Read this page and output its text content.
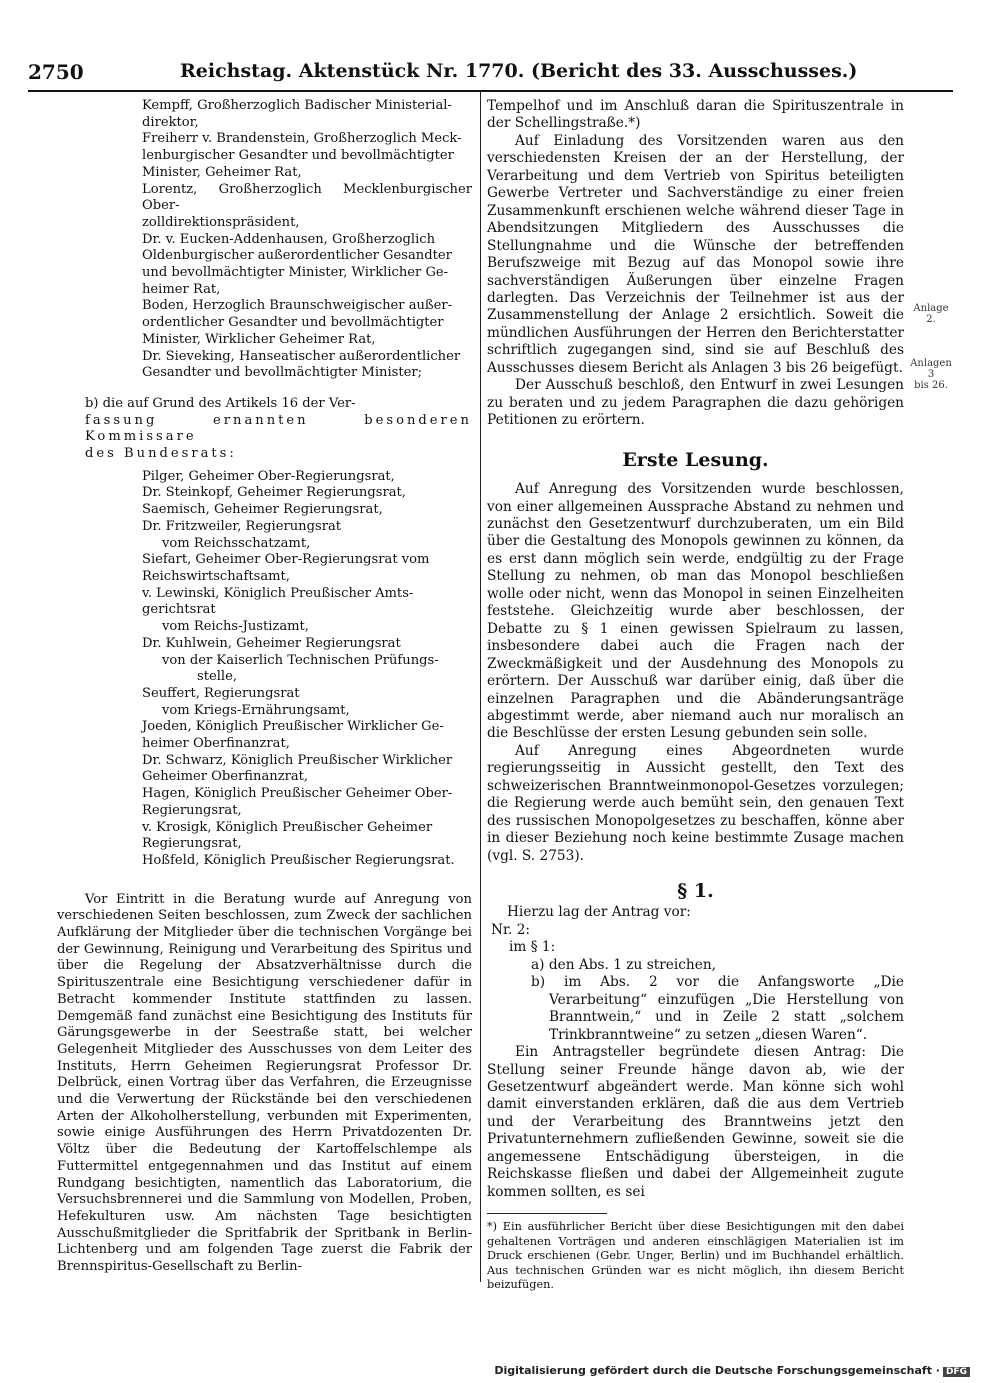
2750	Reichstag. Aktenstück Nr. 1770. (Bericht des 33. Ausschusses.)

Kempff, Großherzoglich Badischer Ministerial-
direktor,

Freiherr v. Brandenstein, Großherzoglich Meck-
lenburgischer Gesandter und bevollmächtigter
Minister, Geheimer Rat,

Lorentz, Großherzoglich Mecklenburgischer Ober-
zolldirektionspräsident,

Dr. v. Eucken-Addenhausen, Großherzoglich
Oldenburgischer außerordentlicher Gesandter
und bevollmächtigter Minister, Wirklicher Ge-
heimer Rat,

Boden, Herzoglich Braunschweigischer außer-
ordentlicher Gesandter und bevollmächtigter
Minister, Wirklicher Geheimer Rat,

Dr. Sieveking, Hanseatischer außerordentlicher
Gesandter und bevollmächtigter Minister;

b) die auf Grund des Artikels 16 der Ver-
fassung ernannten besonderen Kommissare
des Bundesrats:

Pilger, Geheimer Ober-Regierungsrat,

Dr. Steinkopf, Geheimer Regierungsrat,

Saemisch, Geheimer Regierungsrat,

Dr. Fritzweiler, Regierungsrat
vom Reichsschatzamt,

Siefart, Geheimer Ober-Regierungsrat vom
Reichswirtschaftsamt,

v. Lewinski, Königlich Preußischer Amts-
gerichtsrat
vom Reichs-Justizamt,

Dr. Kuhlwein, Geheimer Regierungsrat
von der Kaiserlich Technischen Prüfungs-
stelle,

Seuffert, Regierungsrat
vom Kriegs-Ernährungsamt,

Joeden, Königlich Preußischer Wirklicher Ge-
heimer Oberfinanzrat,

Dr. Schwarz, Königlich Preußischer Wirklicher
Geheimer Oberfinanzrat,

Hagen, Königlich Preußischer Geheimer Ober-
Regierungsrat,

v. Krosigk, Königlich Preußischer Geheimer
Regierungsrat,

Hoßfeld, Königlich Preußischer Regierungsrat.

Vor Eintritt in die Beratung wurde auf Anregung von verschiedenen Seiten beschlossen, zum Zweck der sachlichen Aufklärung der Mitglieder über die technischen Vorgänge bei der Gewinnung, Reinigung und Verarbeitung des Spiritus und über die Regelung der Absatzverhältnisse durch die Spirituszentrale eine Besichtigung verschiedener dafür in Betracht kommender Institute stattfinden zu lassen. Demgemäß fand zunächst eine Besichtigung des Instituts für Gärungsgewerbe in der Seestraße statt, bei welcher Gelegenheit Mitglieder des Ausschusses von dem Leiter des Instituts, Herrn Geheimen Regierungsrat Professor Dr. Delbrück, einen Vortrag über das Verfahren, die Erzeugnisse und die Verwertung der Rückstände bei den verschiedenen Arten der Alkoholherstellung, verbunden mit Experimenten, sowie einige Ausführungen des Herrn Privatdozenten Dr. Völtz über die Bedeutung der Kartoffelschlempe als Futtermittel entgegennahmen und das Institut auf einem Rundgang besichtigten, namentlich das Laboratorium, die Versuchsbrennerei und die Sammlung von Modellen, Proben, Hefekulturen usw. Am nächsten Tage besichtigten Ausschußmitglieder die Spritfabrik der Spritbank in Berlin-Lichtenberg und am folgenden Tage zuerst die Fabrik der Brennspiritus-Gesellschaft zu Berlin-

Tempelhof und im Anschluß daran die Spirituszentrale in der Schellingstraße.*)

Auf Einladung des Vorsitzenden waren aus den verschiedensten Kreisen der an der Herstellung, der Verarbeitung und dem Vertrieb von Spiritus beteiligten Gewerbe Vertreter und Sachverständige zu einer freien Zusammenkunft erschienen welche während dieser Tage in Abendsitzungen Mitgliedern des Ausschusses die Stellungnahme und die Wünsche der betreffenden Berufszweige mit Bezug auf das Monopol sowie ihre sachverständigen Äußerungen über einzelne Fragen darlegten. Das Verzeichnis der Teilnehmer ist aus der Zusammenstellung der Anlage 2 ersichtlich. Soweit die mündlichen Ausführungen der Herren den Berichterstatter schriftlich zugegangen sind, sind sie auf Beschluß des Ausschusses diesem Bericht als Anlagen 3 bis 26 beigefügt.

Der Ausschuß beschloß, den Entwurf in zwei Lesungen zu beraten und zu jedem Paragraphen die dazu gehörigen Petitionen zu erörtern.

Erste Lesung.

Auf Anregung des Vorsitzenden wurde beschlossen, von einer allgemeinen Aussprache Abstand zu nehmen und zunächst den Gesetzentwurf durchzuberaten, um ein Bild über die Gestaltung des Monopols gewinnen zu können, da es erst dann möglich sein werde, endgültig zu der Frage Stellung zu nehmen, ob man das Monopol beschließen wolle oder nicht, wenn das Monopol in seinen Einzelheiten feststehe. Gleichzeitig wurde aber beschlossen, der Debatte zu § 1 einen gewissen Spielraum zu lassen, insbesondere dabei auch die Fragen nach der Zweckmäßigkeit und der Ausdehnung des Monopols zu erörtern. Der Ausschuß war darüber einig, daß über die einzelnen Paragraphen und die Abänderungsanträge abgestimmt werde, aber niemand auch nur moralisch an die Beschlüsse der ersten Lesung gebunden sein solle.

Auf Anregung eines Abgeordneten wurde regierungsseitig in Aussicht gestellt, den Text des schweizerischen Branntweinmonopol-Gesetzes vorzulegen; die Regierung werde auch bemüht sein, den genauen Text des russischen Monopolgesetzes zu beschaffen, könne aber in dieser Beziehung noch keine bestimmte Zusage machen (vgl. S. 2753).

§ 1.

Hierzu lag der Antrag vor:

Nr. 2:

im § 1:

a) den Abs. 1 zu streichen,

b) im Abs. 2 vor die Anfangsworte „Die Verarbeitung“ einzufügen „Die Herstellung von Branntwein,“ und in Zeile 2 statt „solchem Trinkbranntweine“ zu setzen „diesen Waren“.

Ein Antragsteller begründete diesen Antrag: Die Stellung seiner Freunde hänge davon ab, wie der Gesetzentwurf abgeändert werde. Man könne sich wohl damit einverstanden erklären, daß die aus dem Vertrieb und der Verarbeitung des Branntweins jetzt den Privatunternehmern zufließenden Gewinne, soweit sie die angemessene Entschädigung übersteigen, in die Reichskasse fließen und dabei der Allgemeinheit zugute kommen sollten, es sei

Anlage 2.
Anlagen 3
bis 26.
*) Ein ausführlicher Bericht über diese Besichtigungen mit den dabei gehaltenen Vorträgen und anderen einschlägigen Materialien ist im Druck erschienen (Gebr. Unger, Berlin) und im Buchhandel erhältlich. Aus technischen Gründen war es nicht möglich, ihn diesem Bericht beizufügen.
Digitalisierung gefördert durch die Deutsche Forschungsgemeinschaft · DFG
